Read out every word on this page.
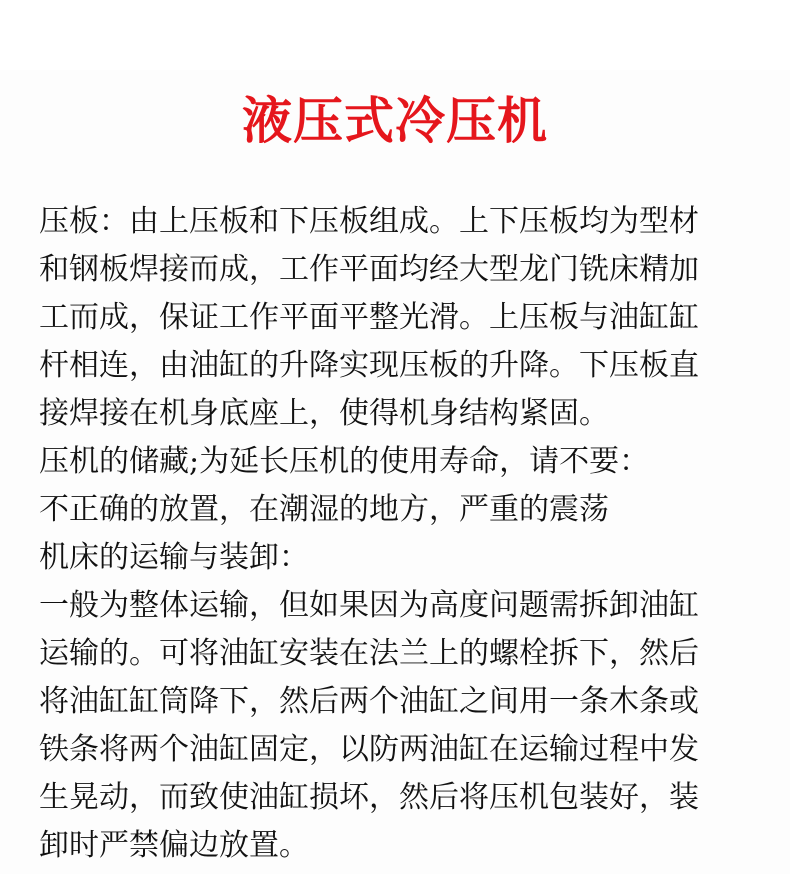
液压式冷压机
压板：由上压板和下压板组成。上下压板均为型材
和钢板焊接而成，工作平面均经大型龙门铣床精加
工而成，保证工作平面平整光滑。上压板与油缸缸
杆相连，由油缸的升降实现压板的升降。下压板直
接焊接在机身底座上，使得机身结构紧固。
压机的储藏;为延长压机的使用寿命，请不要：
不正确的放置，在潮湿的地方，严重的震荡
机床的运输与装卸：
一般为整体运输，但如果因为高度问题需拆卸油缸
运输的。可将油缸安装在法兰上的螺栓拆下，然后
将油缸缸筒降下，然后两个油缸之间用一条木条或
铁条将两个油缸固定，以防两油缸在运输过程中发
生晃动，而致使油缸损坏，然后将压机包装好，装
卸时严禁偏边放置。
